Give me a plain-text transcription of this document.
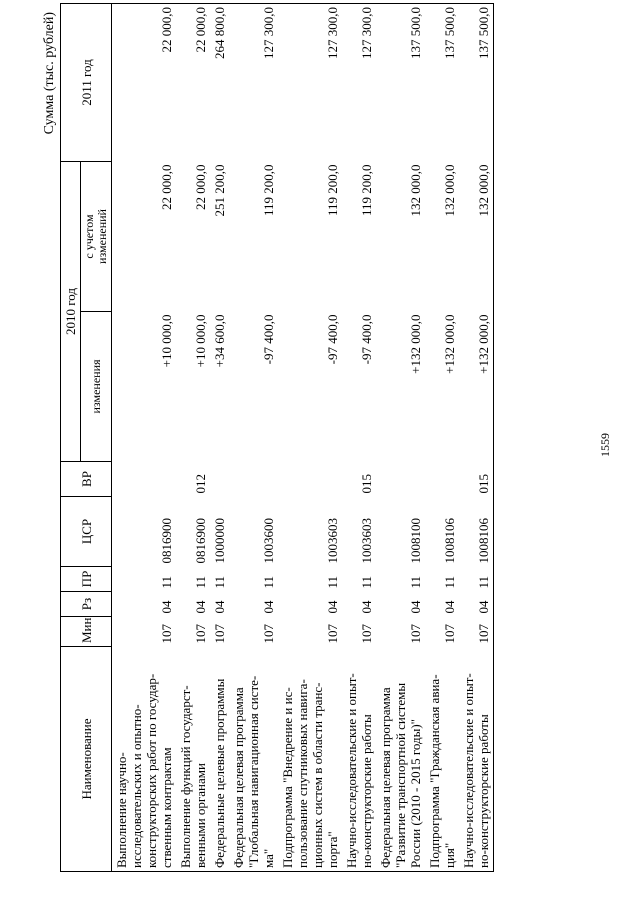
1559
Сумма (тыс. рублей)
Наименование	Мин	Рз	ПР	ЦСР	ВР	2010 год		2011 год
						изменения	с учетом изменений	

Выполнение научно- исследовательских и опытно- конструкторских работ по государ- ственным контрактам	107	04	11	0816900		+10 000,0	22 000,0	22 000,0

Выполнение функций государст- венными органами	107	04	11	0816900	012	+10 000,0	22 000,0	22 000,0

Федеральные целевые программы	107	04	11	1000000		+34 600,0	251 200,0	264 800,0

Федеральная целевая программа "Глобальная навигационная систе- ма"	107	04	11	1003600		-97 400,0	119 200,0	127 300,0

Подпрограмма "Внедрение и ис- пользование спутниковых навига- ционных систем в области транс- порта"	107	04	11	1003603		-97 400,0	119 200,0	127 300,0

Научно-исследовательские и опыт- но-конструкторские работы	107	04	11	1003603	015	-97 400,0	119 200,0	127 300,0

Федеральная целевая программа "Развитие транспортной системы России (2010 - 2015 годы)"	107	04	11	1008100		+132 000,0	132 000,0	137 500,0

Подпрограмма "Гражданская авиа- ция"	107	04	11	1008106		+132 000,0	132 000,0	137 500,0

Научно-исследовательские и опыт- но-конструкторские работы	107	04	11	1008106	015	+132 000,0	132 000,0	137 500,0
